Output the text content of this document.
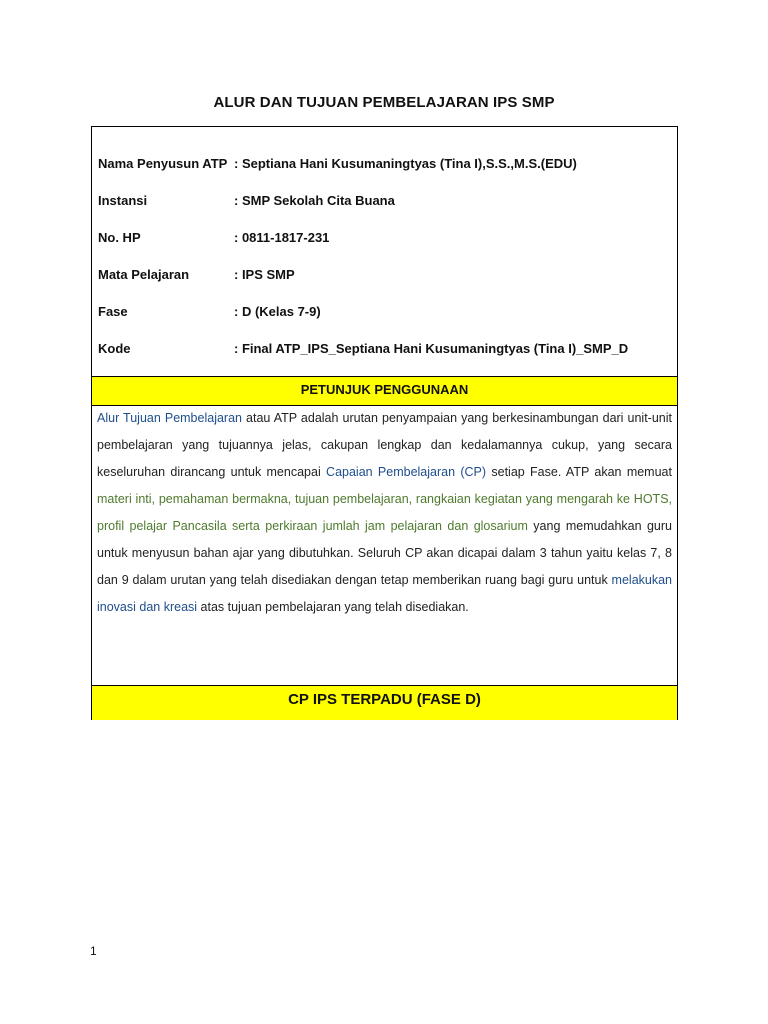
ALUR DAN TUJUAN PEMBELAJARAN IPS SMP
Nama Penyusun ATP : Septiana Hani Kusumaningtyas (Tina I),S.S.,M.S.(EDU)
Instansi	: SMP Sekolah Cita Buana
No. HP	: 0811-1817-231
Mata Pelajaran	: IPS SMP
Fase	: D (Kelas 7-9)
Kode	: Final ATP_IPS_Septiana Hani Kusumaningtyas (Tina I)_SMP_D
PETUNJUK PENGGUNAAN
Alur Tujuan Pembelajaran atau ATP adalah urutan penyampaian yang berkesinambungan dari unit-unit pembelajaran yang tujuannya jelas, cakupan lengkap dan kedalamannya cukup, yang secara keseluruhan dirancang untuk mencapai Capaian Pembelajaran (CP) setiap Fase. ATP akan memuat materi inti, pemahaman bermakna, tujuan pembelajaran, rangkaian kegiatan yang mengarah ke HOTS, profil pelajar Pancasila serta perkiraan jumlah jam pelajaran dan glosarium yang memudahkan guru untuk menyusun bahan ajar yang dibutuhkan. Seluruh CP akan dicapai dalam 3 tahun yaitu kelas 7, 8 dan 9 dalam urutan yang telah disediakan dengan tetap memberikan ruang bagi guru untuk melakukan inovasi dan kreasi atas tujuan pembelajaran yang telah disediakan.
CP IPS TERPADU (FASE D)
1
